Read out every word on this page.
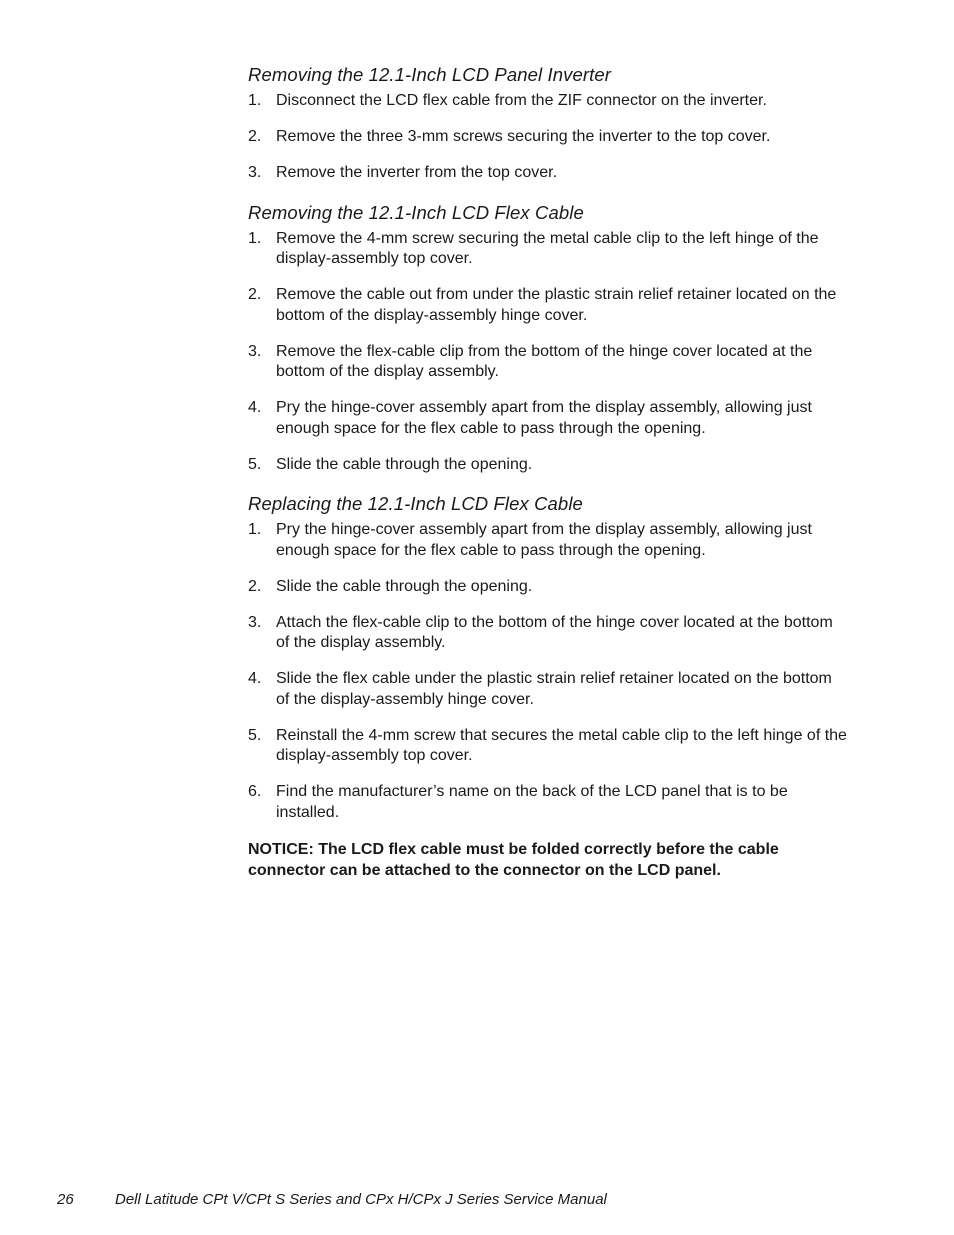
Removing the 12.1-Inch LCD Panel Inverter
1. Disconnect the LCD flex cable from the ZIF connector on the inverter.
2. Remove the three 3-mm screws securing the inverter to the top cover.
3. Remove the inverter from the top cover.
Removing the 12.1-Inch LCD Flex Cable
1. Remove the 4-mm screw securing the metal cable clip to the left hinge of the display-assembly top cover.
2. Remove the cable out from under the plastic strain relief retainer located on the bottom of the display-assembly hinge cover.
3. Remove the flex-cable clip from the bottom of the hinge cover located at the bottom of the display assembly.
4. Pry the hinge-cover assembly apart from the display assembly, allowing just enough space for the flex cable to pass through the opening.
5. Slide the cable through the opening.
Replacing the 12.1-Inch LCD Flex Cable
1. Pry the hinge-cover assembly apart from the display assembly, allowing just enough space for the flex cable to pass through the opening.
2. Slide the cable through the opening.
3. Attach the flex-cable clip to the bottom of the hinge cover located at the bottom of the display assembly.
4. Slide the flex cable under the plastic strain relief retainer located on the bottom of the display-assembly hinge cover.
5. Reinstall the 4-mm screw that secures the metal cable clip to the left hinge of the display-assembly top cover.
6. Find the manufacturer’s name on the back of the LCD panel that is to be installed.

NOTICE: The LCD flex cable must be folded correctly before the cable connector can be attached to the connector on the LCD panel.

26	Dell Latitude CPt V/CPt S Series and CPx H/CPx J Series Service Manual
